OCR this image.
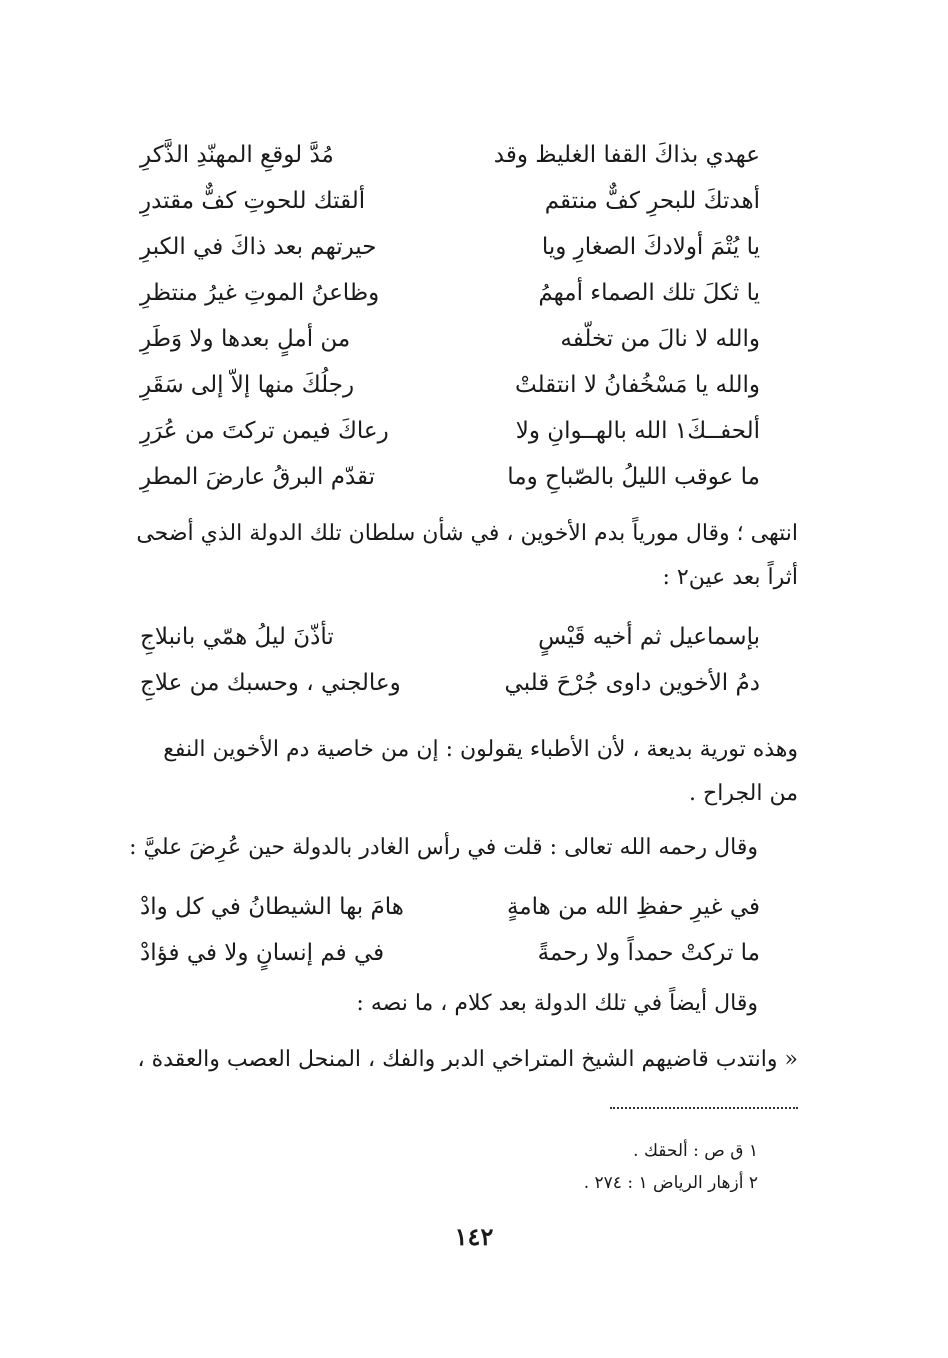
عهدي بذاكَ القفا الغليظ وقد
مُدَّ لوقعِ المهنّدِ الذَّكرِ
أهدتكَ للبحرِ كفٌّ منتقم
ألقتك للحوتِ كفٌّ مقتدرِ
يا يُتْمَ أولادكَ الصغارِ ويا
حيرتهم بعد ذاكَ في الكبرِ
يا ثكلَ تلك الصماء أمهمُ
وظاعنُ الموتِ غيرُ منتظرِ
والله لا نالَ من تخلّفه
من أملٍ بعدها ولا وَطَرِ
والله يا مَسْخُفانُ لا انتقلتْ
رجلُكَ منها إلاّ إلى سَقَرِ
ألحفــكَ١ الله بالهــوانِ ولا
رعاكَ فيمن تركتَ من عُرَرِ
ما عوقب الليلُ بالصّباحِ وما
تقدّم البرقُ عارضَ المطرِ
انتهى ؛ وقال مورياً بدم الأخوين ، في شأن سلطان تلك الدولة الذي أضحى
أثراً بعد عين٢ :
بإسماعيل ثم أخيه قَيْسٍ
تأذّنَ ليلُ همّي بانبلاجِ
دمُ الأخوين داوى جُرْحَ قلبي
وعالجني ، وحسبك من علاجِ
وهذه تورية بديعة ، لأن الأطباء يقولون : إن من خاصية دم الأخوين النفع
من الجراح .
وقال رحمه الله تعالى : قلت في رأس الغادر بالدولة حين عُرِضَ عليَّ :
في غيرِ حفظِ الله من هامةٍ
هامَ بها الشيطانُ في كل وادْ
ما تركتْ حمداً ولا رحمةً
في فم إنسانٍ ولا في فؤادْ
وقال أيضاً في تلك الدولة بعد كلام ، ما نصه :
« وانتدب قاضيهم الشيخ المتراخي الدبر والفك ، المنحل العصب والعقدة ،
١ ق ص : ألحقك .
٢ أزهار الرياض ١ : ٢٧٤ .
١٤٢
